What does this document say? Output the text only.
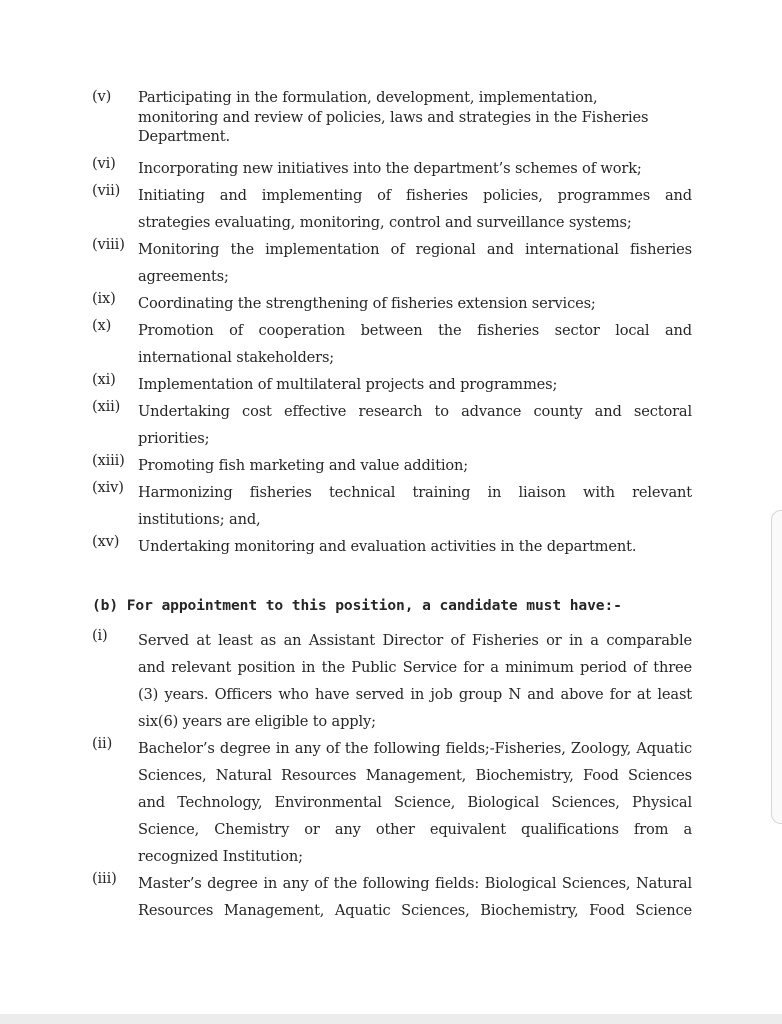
(v) Participating in the formulation, development, implementation,
monitoring and review of policies, laws and strategies in the Fisheries
Department.
(vi) Incorporating new initiatives into the department’s schemes of work;
(vii) Initiating and implementing of fisheries policies, programmes and
strategies evaluating, monitoring, control and surveillance systems;
(viii) Monitoring the implementation of regional and international fisheries
agreements;
(ix) Coordinating the strengthening of fisheries extension services;
(x) Promotion of cooperation between the fisheries sector local and
international stakeholders;
(xi) Implementation of multilateral projects and programmes;
(xii) Undertaking cost effective research to advance county and sectoral
priorities;
(xiii) Promoting fish marketing and value addition;
(xiv) Harmonizing fisheries technical training in liaison with relevant
institutions; and,
(xv) Undertaking monitoring and evaluation activities in the department.
(b) For appointment to this position, a candidate must have:-
(i) Served at least as an Assistant Director of Fisheries or in a comparable
and relevant position in the Public Service for a minimum period of three
(3) years. Officers who have served in job group N and above for at least
six(6) years are eligible to apply;
(ii) Bachelor’s degree in any of the following fields;-Fisheries, Zoology, Aquatic
Sciences, Natural Resources Management, Biochemistry, Food Sciences
and Technology, Environmental Science, Biological Sciences, Physical
Science, Chemistry or any other equivalent qualifications from a
recognized Institution;
(iii) Master’s degree in any of the following fields: Biological Sciences, Natural
Resources Management, Aquatic Sciences, Biochemistry, Food Science
